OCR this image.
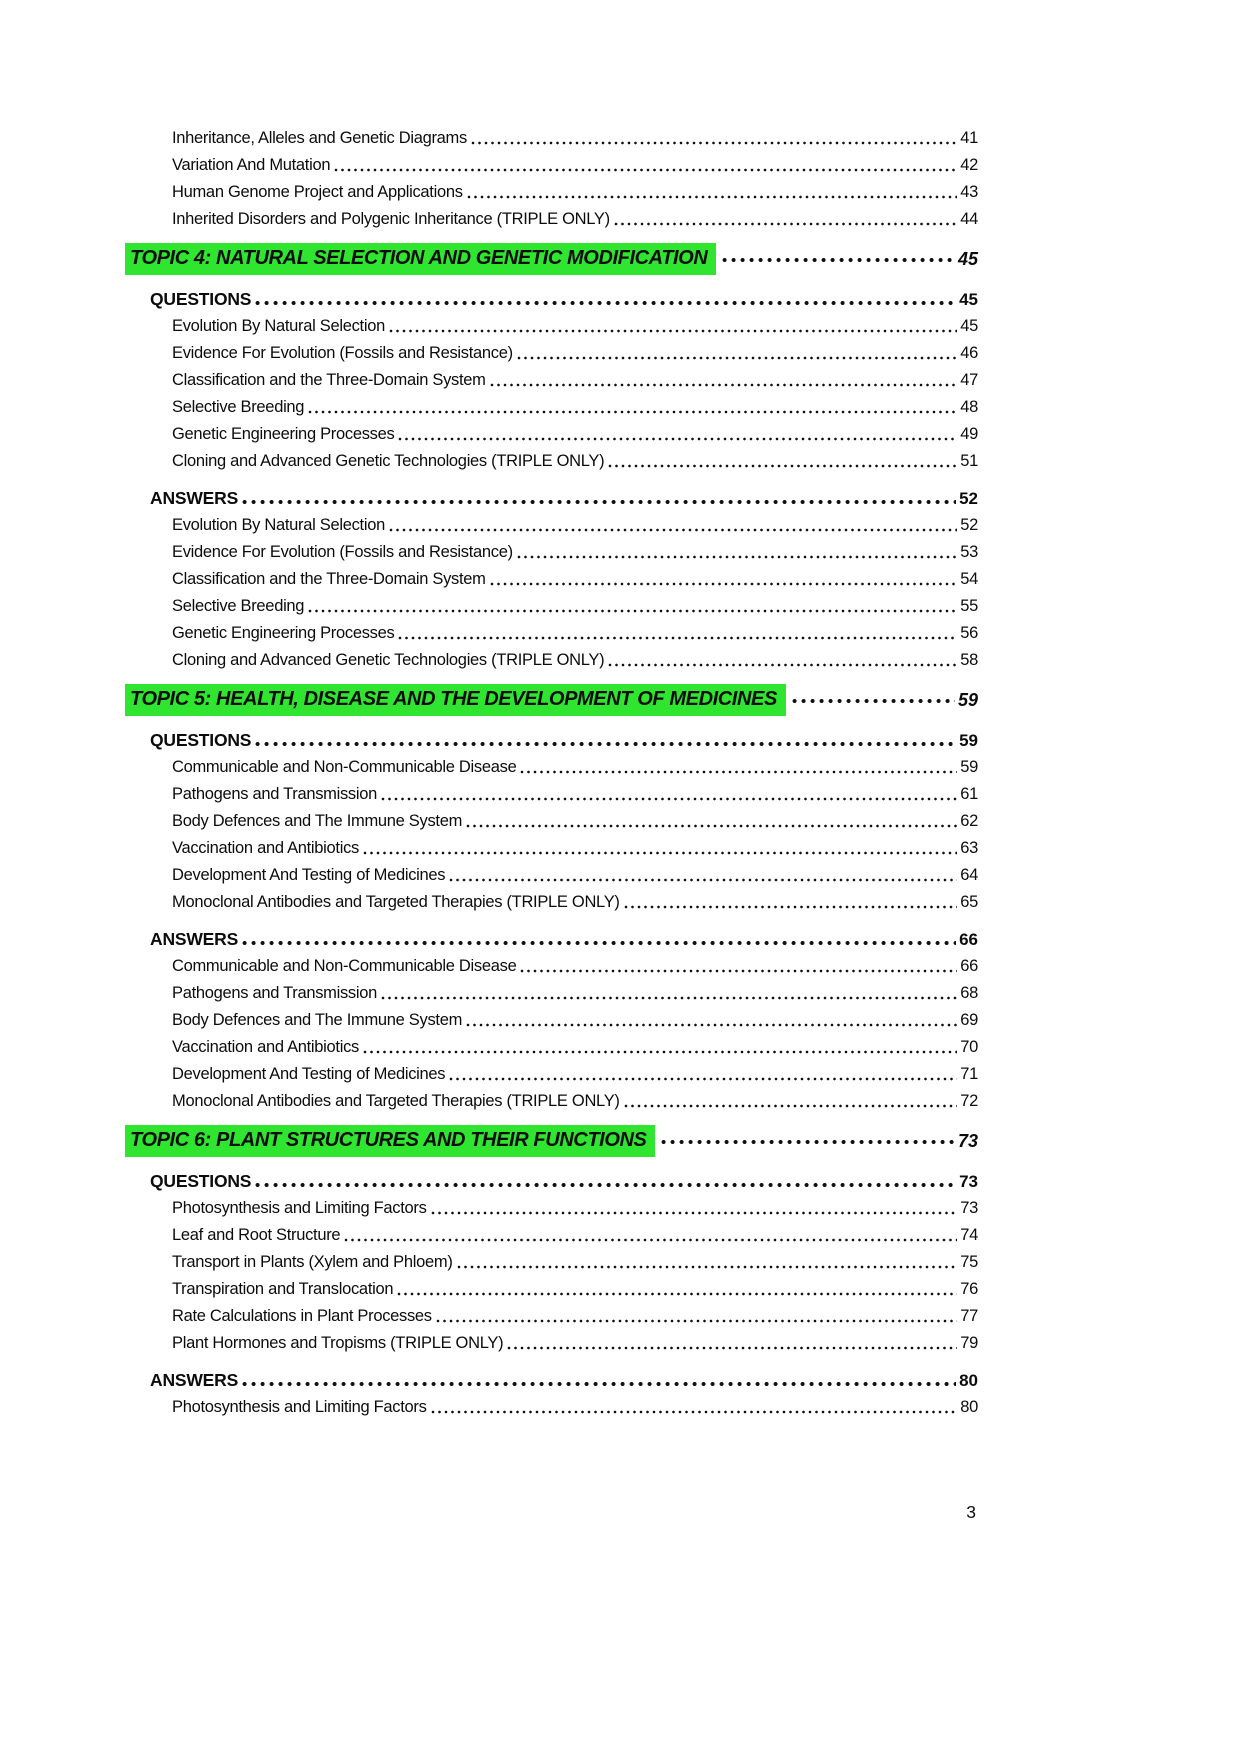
Inheritance, Alleles and Genetic Diagrams	41
Variation And Mutation	42
Human Genome Project and Applications	43
Inherited Disorders and Polygenic Inheritance (TRIPLE ONLY)	44
TOPIC 4: NATURAL SELECTION AND GENETIC MODIFICATION	45
QUESTIONS	45
Evolution By Natural Selection	45
Evidence For Evolution (Fossils and Resistance)	46
Classification and the Three-Domain System	47
Selective Breeding	48
Genetic Engineering Processes	49
Cloning and Advanced Genetic Technologies (TRIPLE ONLY)	51
ANSWERS	52
Evolution By Natural Selection	52
Evidence For Evolution (Fossils and Resistance)	53
Classification and the Three-Domain System	54
Selective Breeding	55
Genetic Engineering Processes	56
Cloning and Advanced Genetic Technologies (TRIPLE ONLY)	58
TOPIC 5: HEALTH, DISEASE AND THE DEVELOPMENT OF MEDICINES	59
QUESTIONS	59
Communicable and Non-Communicable Disease	59
Pathogens and Transmission	61
Body Defences and The Immune System	62
Vaccination and Antibiotics	63
Development And Testing of Medicines	64
Monoclonal Antibodies and Targeted Therapies (TRIPLE ONLY)	65
ANSWERS	66
Communicable and Non-Communicable Disease	66
Pathogens and Transmission	68
Body Defences and The Immune System	69
Vaccination and Antibiotics	70
Development And Testing of Medicines	71
Monoclonal Antibodies and Targeted Therapies (TRIPLE ONLY)	72
TOPIC 6: PLANT STRUCTURES AND THEIR FUNCTIONS	73
QUESTIONS	73
Photosynthesis and Limiting Factors	73
Leaf and Root Structure	74
Transport in Plants (Xylem and Phloem)	75
Transpiration and Translocation	76
Rate Calculations in Plant Processes	77
Plant Hormones and Tropisms (TRIPLE ONLY)	79
ANSWERS	80
Photosynthesis and Limiting Factors	80
3
